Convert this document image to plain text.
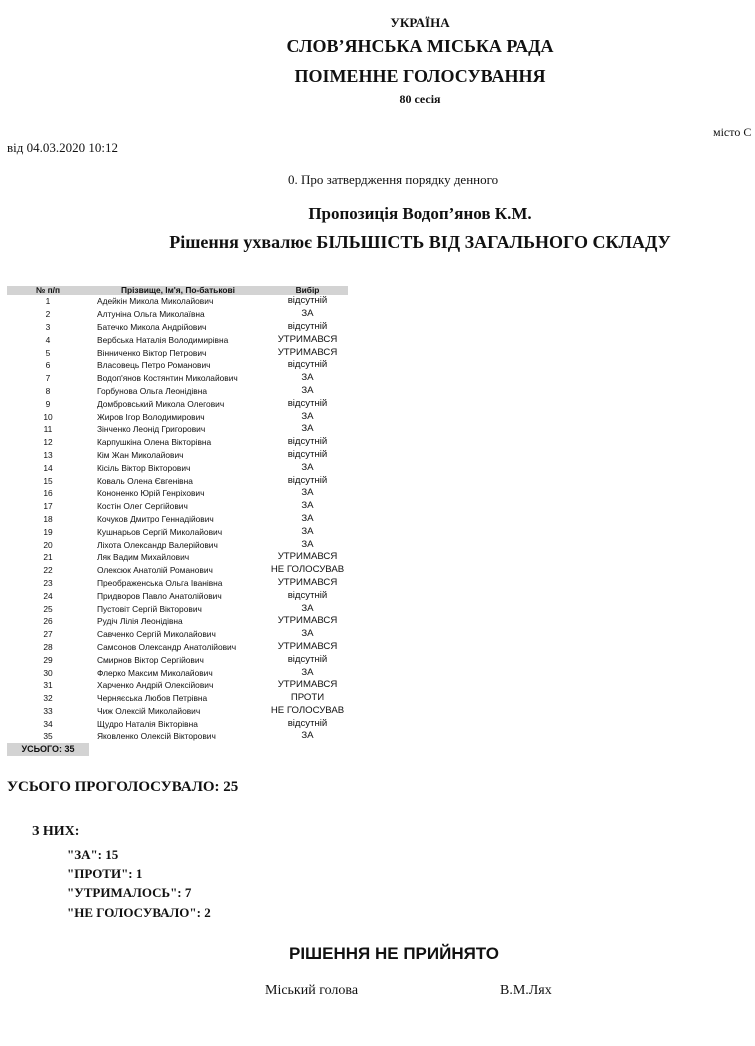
УКРАЇНА
СЛОВ’ЯНСЬКА МІСЬКА РАДА
ПОІМЕННЕ ГОЛОСУВАННЯ
80 сесія
місто С
від 04.03.2020 10:12
0. Про затвердження порядку денного
Пропозиція Водоп’янов К.М.
Рішення ухвалює БІЛЬШІСТЬ ВІД ЗАГАЛЬНОГО СКЛАДУ
№ п/п	Прізвище, Ім'я, По-батькові	Вибір
1	Адейкін Микола Миколайович	відсутній
2	Алтуніна Ольга Миколаївна	ЗА
3	Батечко Микола Андрійович	відсутній
4	Вербська Наталія Володимирівна	УТРИМАВСЯ
5	Вінниченко Віктор Петрович	УТРИМАВСЯ
6	Власовець Петро Романович	відсутній
7	Водоп'янов Костянтин Миколайович	ЗА
8	Горбунова Ольга Леонідівна	ЗА
9	Домбровський Микола Олегович	відсутній
10	Жиров Ігор Володимирович	ЗА
11	Зінченко Леонід Григорович	ЗА
12	Карпушкіна Олена Вікторівна	відсутній
13	Кім Жан Миколайович	відсутній
14	Кісіль Віктор Вікторович	ЗА
15	Коваль Олена Євгенівна	відсутній
16	Кононенко Юрій Генріхович	ЗА
17	Костін Олег Сергійович	ЗА
18	Кочуков Дмитро Геннадійович	ЗА
19	Кушнарьов Сергій Миколайович	ЗА
20	Ліхота Олександр Валерійович	ЗА
21	Ляк Вадим Михайлович	УТРИМАВСЯ
22	Олексюк Анатолій Романович	НЕ ГОЛОСУВАВ
23	Преображенська Ольга Іванівна	УТРИМАВСЯ
24	Придворов Павло Анатолійович	відсутній
25	Пустовіт Сергій Вікторович	ЗА
26	Рудіч Лілія Леонідівна	УТРИМАВСЯ
27	Савченко Сергій Миколайович	ЗА
28	Самсонов Олександр Анатолійович	УТРИМАВСЯ
29	Смирнов Віктор Сергійович	відсутній
30	Флерко Максим Миколайович	ЗА
31	Харченко Андрій Олексійович	УТРИМАВСЯ
32	Черняєська Любов Петрівна	ПРОТИ
33	Чиж Олексій Миколайович	НЕ ГОЛОСУВАВ
34	Щудро Наталія Вікторівна	відсутній
35	Яковленко Олексій Вікторович	ЗА
УСЬОГО: 35		
УСЬОГО ПРОГОЛОСУВАЛО: 25
З НИХ:
"ЗА": 15
"ПРОТИ": 1
"УТРИМАЛОСЬ": 7
"НЕ ГОЛОСУВАЛО": 2
РІШЕННЯ НЕ ПРИЙНЯТО
Міський голова	В.М.Лях
